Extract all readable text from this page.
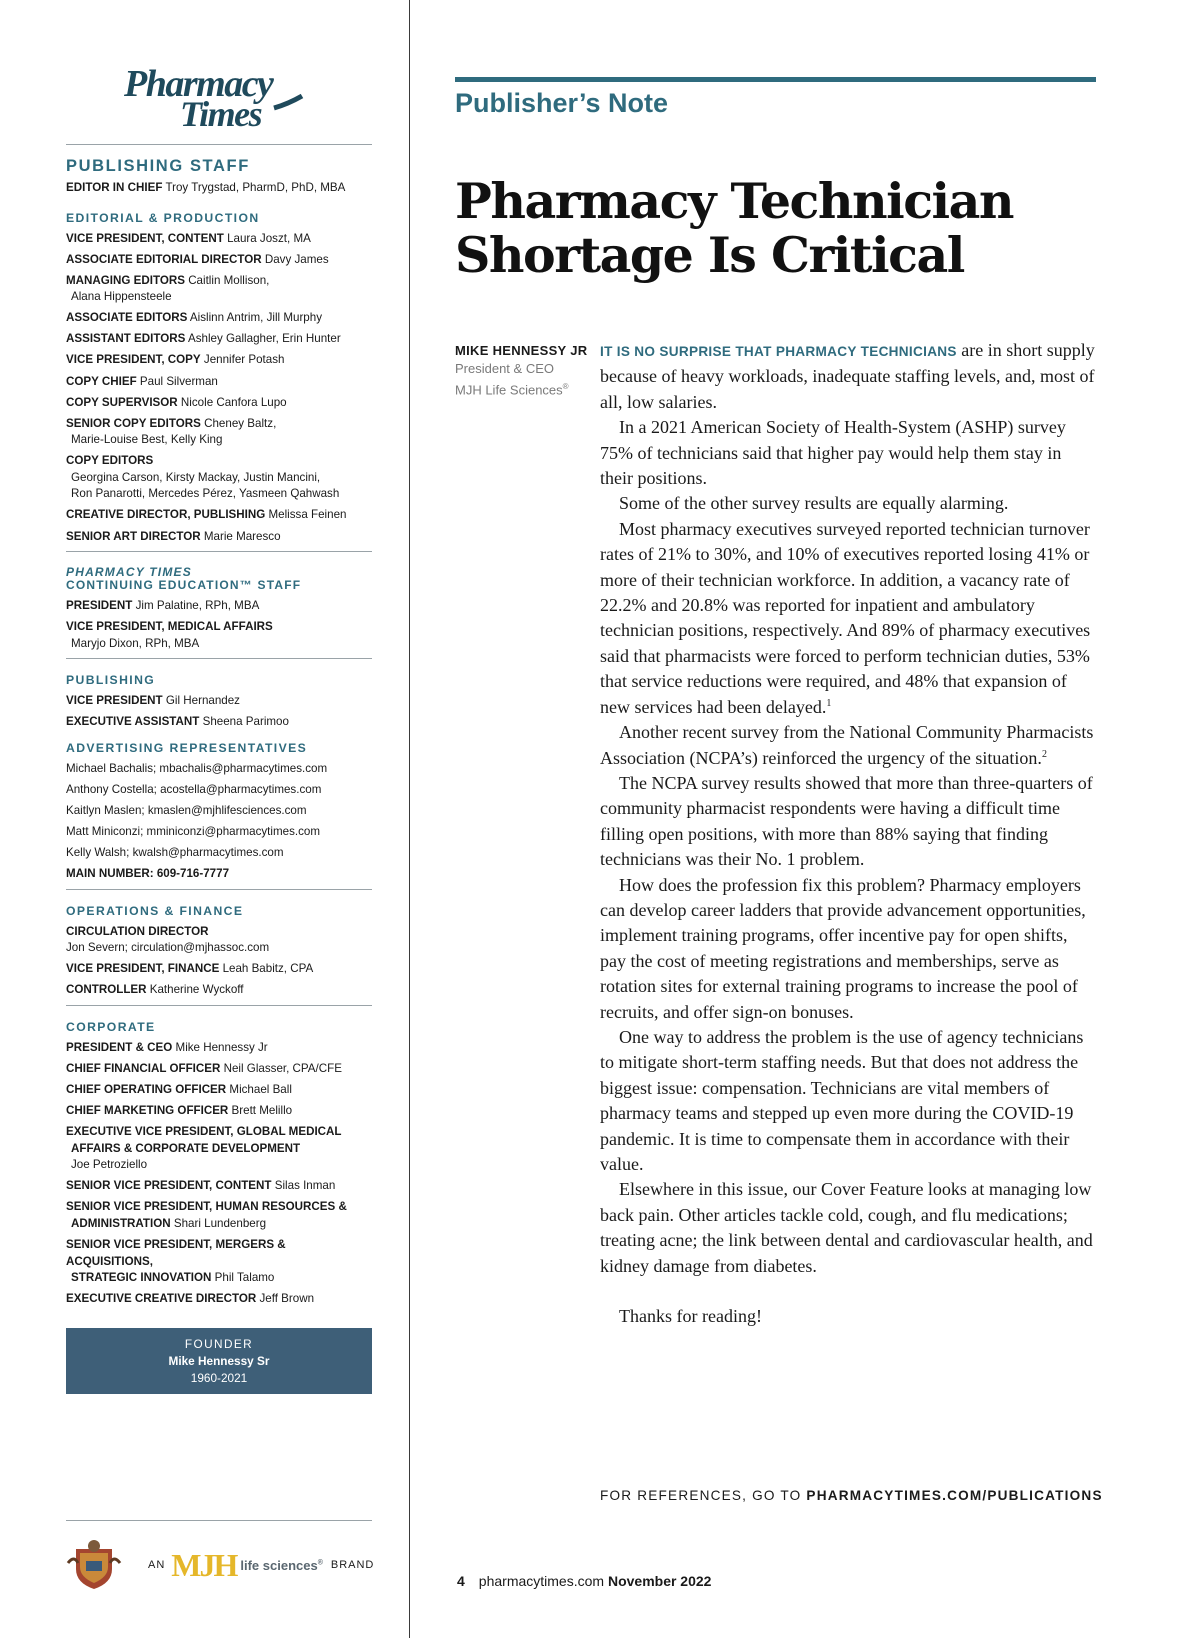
Pharmacy
Times
PUBLISHING STAFF
EDITOR IN CHIEF Troy Trygstad, PharmD, PhD, MBA
EDITORIAL & PRODUCTION
VICE PRESIDENT, CONTENT Laura Joszt, MA
ASSOCIATE EDITORIAL DIRECTOR Davy James
MANAGING EDITORS Caitlin Mollison,
Alana Hippensteele
ASSOCIATE EDITORS Aislinn Antrim, Jill Murphy
ASSISTANT EDITORS Ashley Gallagher, Erin Hunter
VICE PRESIDENT, COPY Jennifer Potash
COPY CHIEF Paul Silverman
COPY SUPERVISOR Nicole Canfora Lupo
SENIOR COPY EDITORS Cheney Baltz,
Marie-Louise Best, Kelly King
COPY EDITORS
Georgina Carson, Kirsty Mackay, Justin Mancini,
Ron Panarotti, Mercedes Pérez, Yasmeen Qahwash
CREATIVE DIRECTOR, PUBLISHING Melissa Feinen
SENIOR ART DIRECTOR Marie Maresco
PHARMACY TIMES
CONTINUING EDUCATION™ STAFF
PRESIDENT Jim Palatine, RPh, MBA
VICE PRESIDENT, MEDICAL AFFAIRS
Maryjo Dixon, RPh, MBA
PUBLISHING
VICE PRESIDENT Gil Hernandez
EXECUTIVE ASSISTANT Sheena Parimoo
ADVERTISING REPRESENTATIVES
Michael Bachalis; mbachalis@pharmacytimes.com
Anthony Costella; acostella@pharmacytimes.com
Kaitlyn Maslen; kmaslen@mjhlifesciences.com
Matt Miniconzi; mminiconzi@pharmacytimes.com
Kelly Walsh; kwalsh@pharmacytimes.com
MAIN NUMBER: 609-716-7777
OPERATIONS & FINANCE
CIRCULATION DIRECTOR
Jon Severn; circulation@mjhassoc.com
VICE PRESIDENT, FINANCE Leah Babitz, CPA
CONTROLLER Katherine Wyckoff
CORPORATE
PRESIDENT & CEO Mike Hennessy Jr
CHIEF FINANCIAL OFFICER Neil Glasser, CPA/CFE
CHIEF OPERATING OFFICER Michael Ball
CHIEF MARKETING OFFICER Brett Melillo
EXECUTIVE VICE PRESIDENT, GLOBAL MEDICAL
AFFAIRS & CORPORATE DEVELOPMENT
Joe Petroziello
SENIOR VICE PRESIDENT, CONTENT Silas Inman
SENIOR VICE PRESIDENT, HUMAN RESOURCES &
ADMINISTRATION Shari Lundenberg
SENIOR VICE PRESIDENT, MERGERS & ACQUISITIONS,
STRATEGIC INNOVATION Phil Talamo
EXECUTIVE CREATIVE DIRECTOR Jeff Brown
FOUNDER
Mike Hennessy Sr
1960-2021
AN MJH life sciences® BRAND
Publisher’s Note
Pharmacy Technician
Shortage Is Critical
MIKE HENNESSY JR
President & CEO
MJH Life Sciences®

IT IS NO SURPRISE THAT PHARMACY TECHNICIANS are in short supply because of heavy workloads, inadequate staffing levels, and, most of all, low salaries.

In a 2021 American Society of Health-System (ASHP) survey 75% of technicians said that higher pay would help them stay in their positions.

Some of the other survey results are equally alarming.

Most pharmacy executives surveyed reported technician turnover rates of 21% to 30%, and 10% of executives reported losing 41% or more of their technician workforce. In addition, a vacancy rate of 22.2% and 20.8% was reported for inpatient and ambulatory technician positions, respectively. And 89% of pharmacy executives said that pharmacists were forced to perform technician duties, 53% that service reductions were required, and 48% that expansion of new services had been delayed.$^1$

Another recent survey from the National Community Pharmacists Association (NCPA’s) reinforced the urgency of the situation.$^2$

The NCPA survey results showed that more than three-quarters of community pharmacist respondents were having a difficult time filling open positions, with more than 88% saying that finding technicians was their No. 1 problem.

How does the profession fix this problem? Pharmacy employers can develop career ladders that provide advancement opportunities, implement training programs, offer incentive pay for open shifts, pay the cost of meeting registrations and memberships, serve as rotation sites for external training programs to increase the pool of recruits, and offer sign-on bonuses.

One way to address the problem is the use of agency technicians to mitigate short-term staffing needs. But that does not address the biggest issue: compensation. Technicians are vital members of pharmacy teams and stepped up even more during the COVID-19 pandemic. It is time to compensate them in accordance with their value.

Elsewhere in this issue, our Cover Feature looks at managing low back pain. Other articles tackle cold, cough, and flu medications; treating acne; the link between dental and cardiovascular health, and kidney damage from diabetes.

Thanks for reading!

FOR REFERENCES, GO TO PHARMACYTIMES.COM/PUBLICATIONS
4 pharmacytimes.com November 2022
